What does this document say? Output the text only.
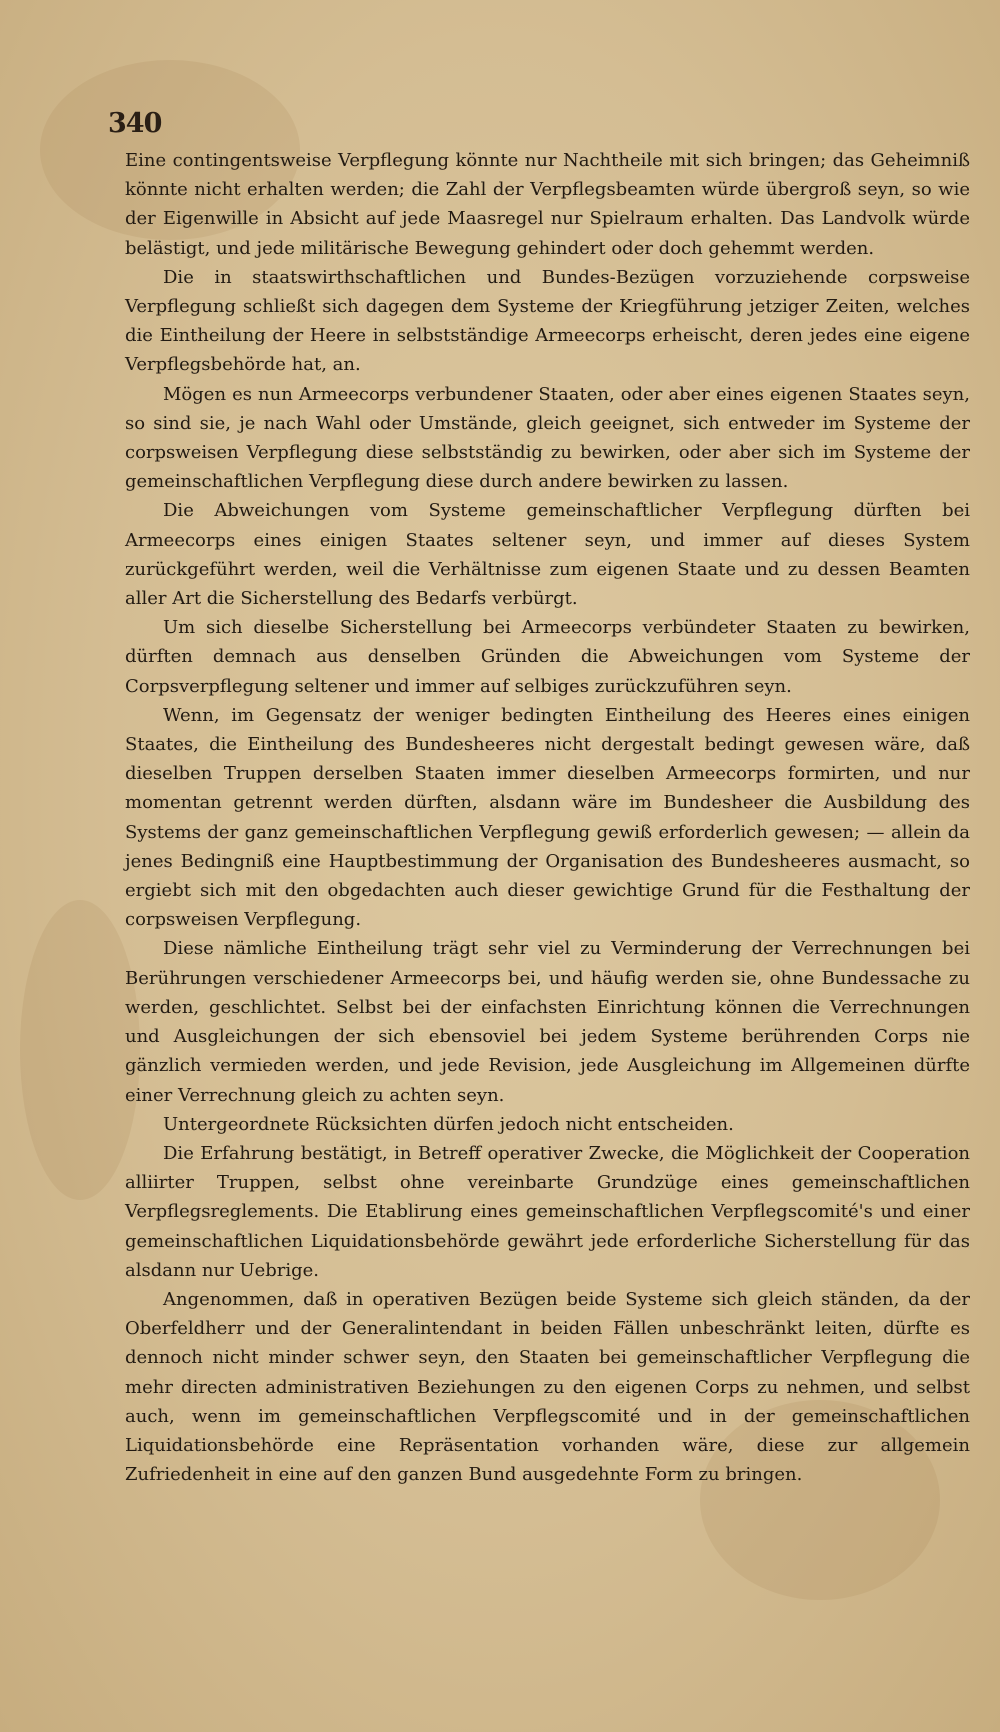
340

Eine contingentsweise Verpflegung könnte nur Nachtheile mit sich bringen; das Geheimniß könnte nicht erhalten werden; die Zahl der Verpflegsbeamten würde übergroß seyn, so wie der Eigenwille in Absicht auf jede Maasregel nur Spielraum erhalten. Das Landvolk würde belästigt, und jede militärische Bewegung gehindert oder doch gehemmt werden.

Die in staatswirthschaftlichen und Bundes-Bezügen vorzuziehende corpsweise Verpflegung schließt sich dagegen dem Systeme der Kriegführung jetziger Zeiten, welches die Eintheilung der Heere in selbstständige Armeecorps erheischt, deren jedes eine eigene Verpflegsbehörde hat, an.

Mögen es nun Armeecorps verbundener Staaten, oder aber eines eigenen Staates seyn, so sind sie, je nach Wahl oder Umstände, gleich geeignet, sich entweder im Systeme der corpsweisen Verpflegung diese selbstständig zu bewirken, oder aber sich im Systeme der gemeinschaftlichen Verpflegung diese durch andere bewirken zu lassen.

Die Abweichungen vom Systeme gemeinschaftlicher Verpflegung dürften bei Armeecorps eines einigen Staates seltener seyn, und immer auf dieses System zurückgeführt werden, weil die Verhältnisse zum eigenen Staate und zu dessen Beamten aller Art die Sicherstellung des Bedarfs verbürgt.

Um sich dieselbe Sicherstellung bei Armeecorps verbündeter Staaten zu bewirken, dürften demnach aus denselben Gründen die Abweichungen vom Systeme der Corpsverpflegung seltener und immer auf selbiges zurückzuführen seyn.

Wenn, im Gegensatz der weniger bedingten Eintheilung des Heeres eines einigen Staates, die Eintheilung des Bundesheeres nicht dergestalt bedingt gewesen wäre, daß dieselben Truppen derselben Staaten immer dieselben Armeecorps formirten, und nur momentan getrennt werden dürften, alsdann wäre im Bundesheer die Ausbildung des Systems der ganz gemeinschaftlichen Verpflegung gewiß erforderlich gewesen; — allein da jenes Bedingniß eine Hauptbestimmung der Organisation des Bundesheeres ausmacht, so ergiebt sich mit den obgedachten auch dieser gewichtige Grund für die Festhaltung der corpsweisen Verpflegung.

Diese nämliche Eintheilung trägt sehr viel zu Verminderung der Verrechnungen bei Berührungen verschiedener Armeecorps bei, und häufig werden sie, ohne Bundessache zu werden, geschlichtet. Selbst bei der einfachsten Einrichtung können die Verrechnungen und Ausgleichungen der sich ebensoviel bei jedem Systeme berührenden Corps nie gänzlich vermieden werden, und jede Revision, jede Ausgleichung im Allgemeinen dürfte einer Verrechnung gleich zu achten seyn.

Untergeordnete Rücksichten dürfen jedoch nicht entscheiden.

Die Erfahrung bestätigt, in Betreff operativer Zwecke, die Möglichkeit der Cooperation alliirter Truppen, selbst ohne vereinbarte Grundzüge eines gemeinschaftlichen Verpflegsreglements. Die Etablirung eines gemeinschaftlichen Verpflegscomité's und einer gemeinschaftlichen Liquidationsbehörde gewährt jede erforderliche Sicherstellung für das alsdann nur Uebrige.

Angenommen, daß in operativen Bezügen beide Systeme sich gleich ständen, da der Oberfeldherr und der Generalintendant in beiden Fällen unbeschränkt leiten, dürfte es dennoch nicht minder schwer seyn, den Staaten bei gemeinschaftlicher Verpflegung die mehr directen administrativen Beziehungen zu den eigenen Corps zu nehmen, und selbst auch, wenn im gemeinschaftlichen Verpflegscomité und in der gemeinschaftlichen Liquidationsbehörde eine Repräsentation vorhanden wäre, diese zur allgemein Zufriedenheit in eine auf den ganzen Bund ausgedehnte Form zu bringen.
